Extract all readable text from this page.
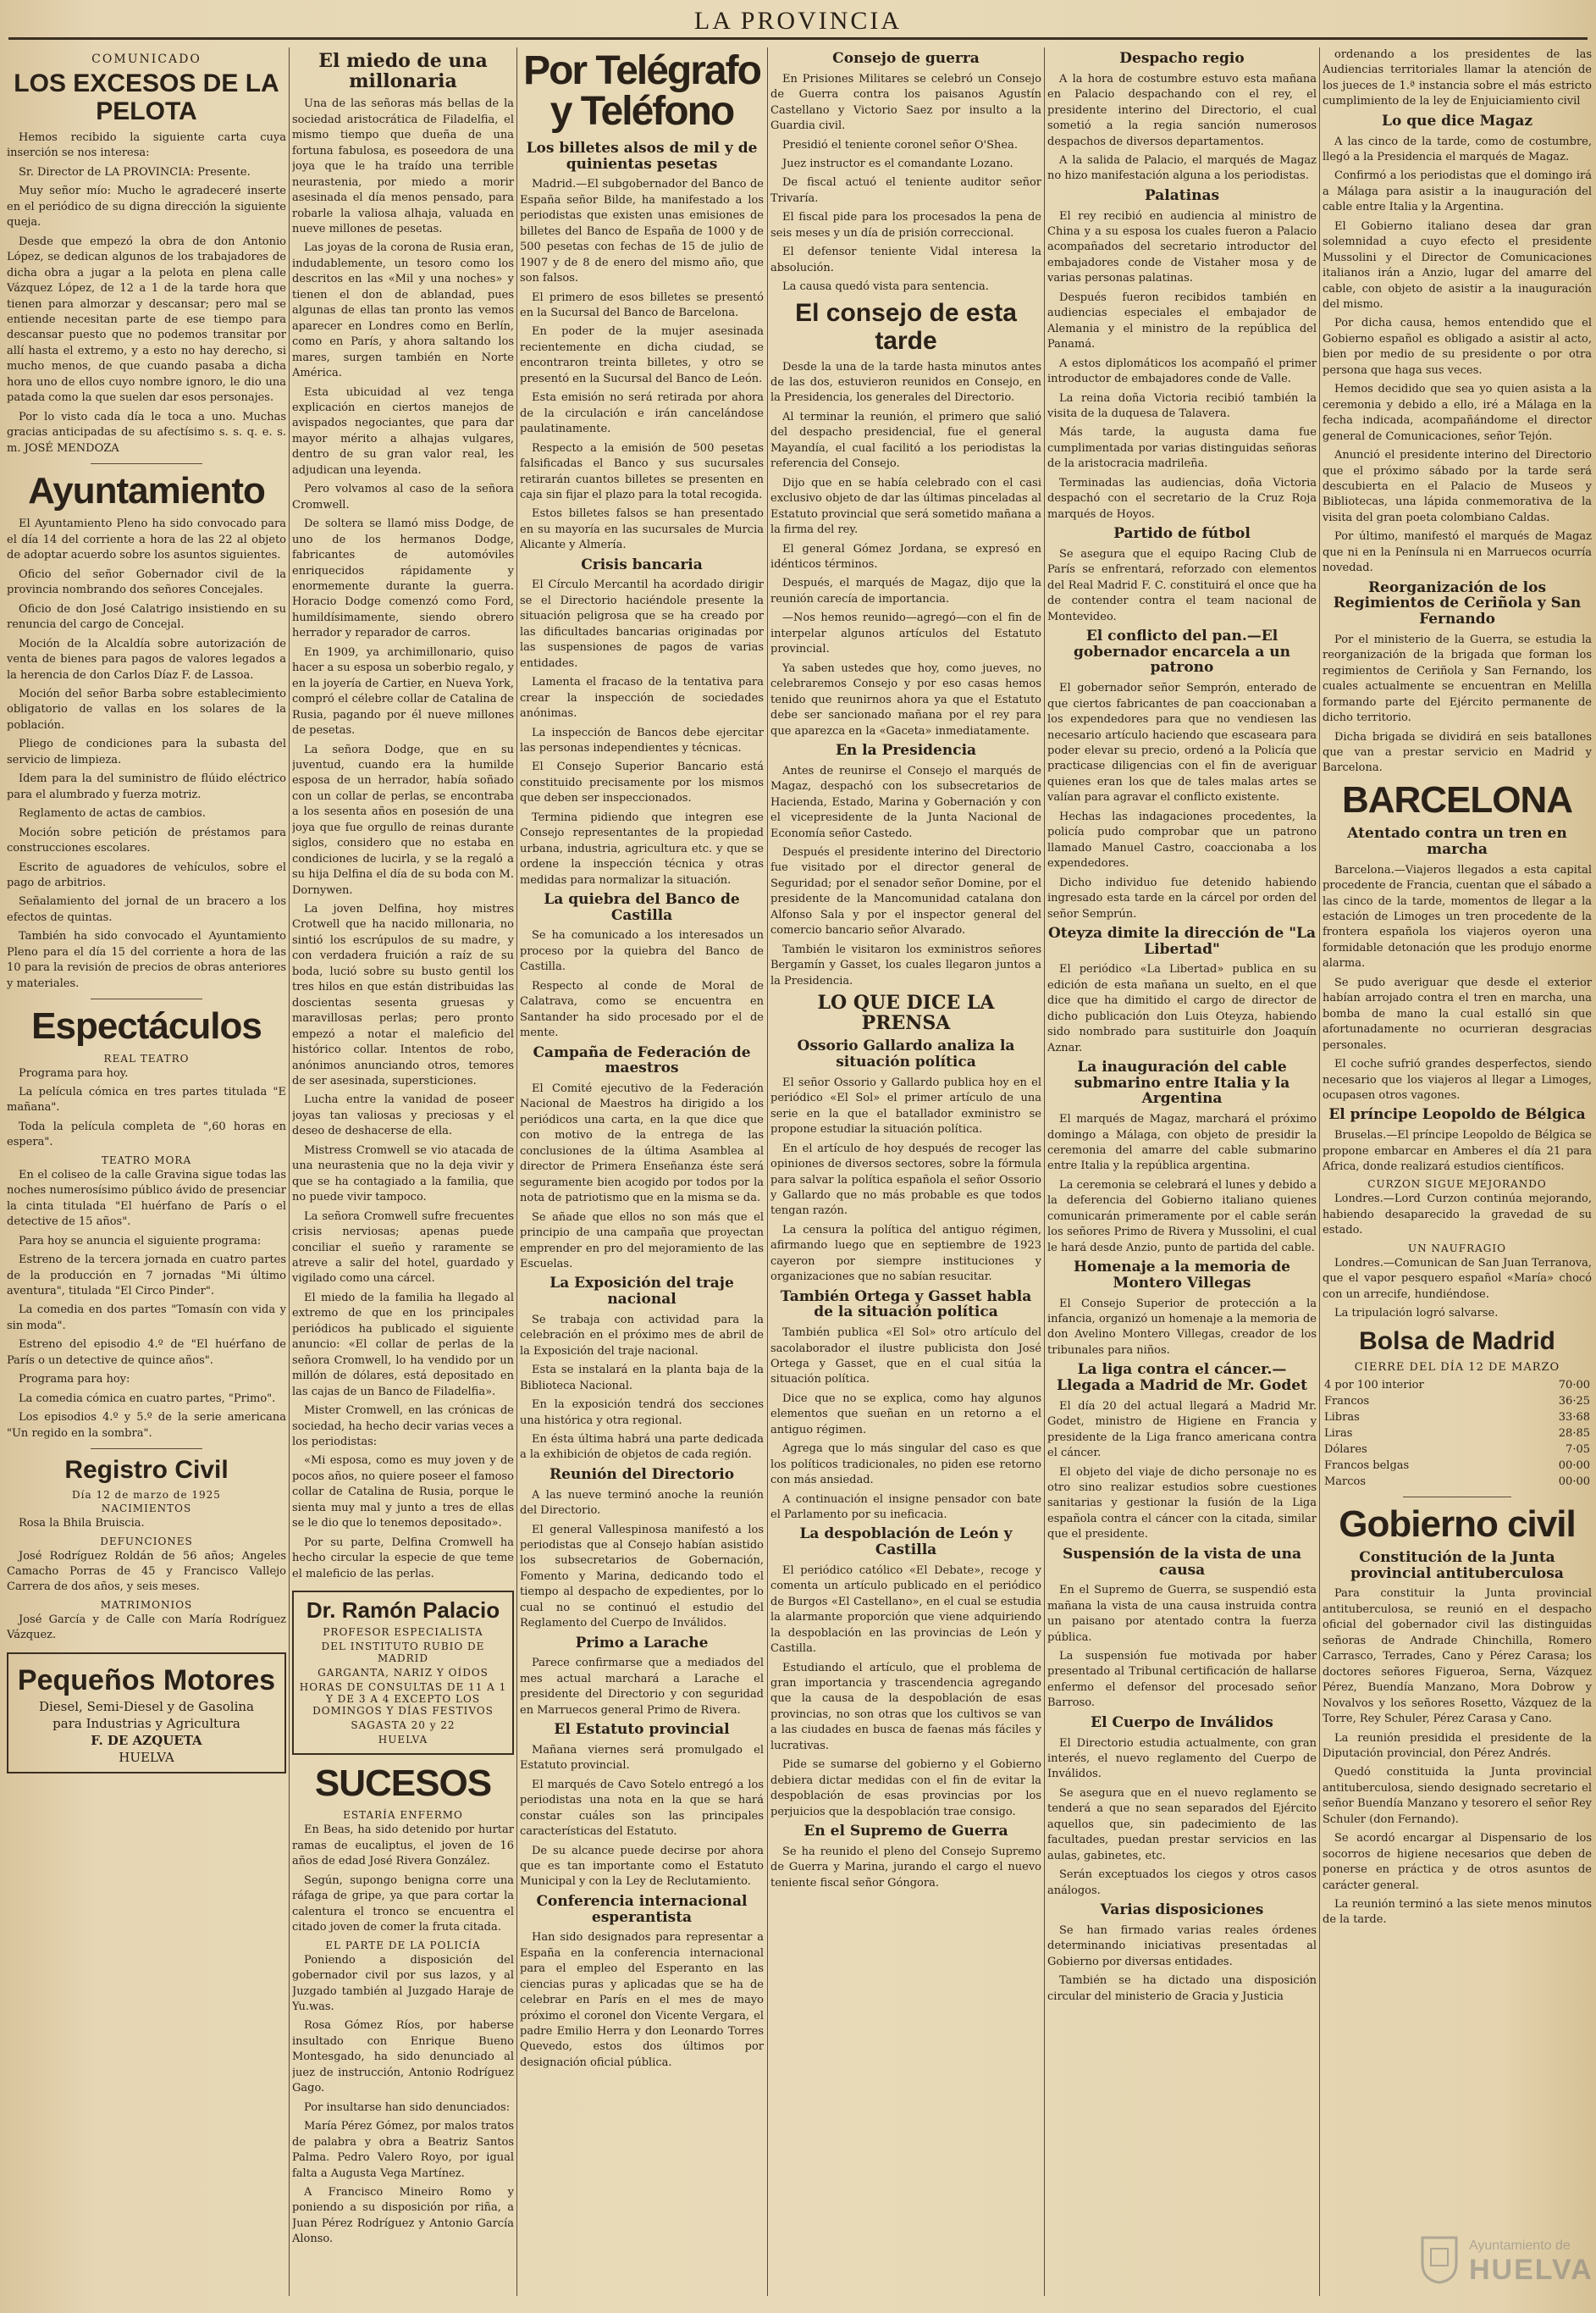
LA PROVINCIA
COMUNICADO
LOS EXCESOS DE LA PELOTA

Hemos recibido la siguiente carta cuya inserción se nos interesa:

Sr. Director de LA PROVINCIA: Presente.

Muy señor mío: Mucho le agradeceré inserte en el periódico de su digna dirección la siguiente queja.

Desde que empezó la obra de don Antonio López, se dedican algunos de los trabajadores de dicha obra a jugar a la pelota en plena calle Vázquez López, de 12 a 1 de la tarde hora que tienen para almorzar y descansar; pero mal se entiende necesitan parte de ese tiempo para descansar puesto que no podemos transitar por allí hasta el extremo, y a esto no hay derecho, si mucho menos, de que cuando pasaba a dicha hora uno de ellos cuyo nombre ignoro, le dio una patada como la que suelen dar esos personajes.

Por lo visto cada día le toca a uno. Muchas gracias anticipadas de su afectísimo s. s. q. e. s. m. JOSÉ MENDOZA

Ayuntamiento

El Ayuntamiento Pleno ha sido convocado para el día 14 del corriente a hora de las 22 al objeto de adoptar acuerdo sobre los asuntos siguientes.

Oficio del señor Gobernador civil de la provincia nombrando dos señores Concejales.

Oficio de don José Calatrigo insistiendo en su renuncia del cargo de Concejal.

Moción de la Alcaldía sobre autorización de venta de bienes para pagos de valores legados a la herencia de don Carlos Díaz F. de Lassoa.

Moción del señor Barba sobre establecimiento obligatorio de vallas en los solares de la población.

Pliego de condiciones para la subasta del servicio de limpieza.

Idem para la del suministro de flúido eléctrico para el alumbrado y fuerza motriz.

Reglamento de actas de cambios.

Moción sobre petición de préstamos para construcciones escolares.

Escrito de aguadores de vehículos, sobre el pago de arbitrios.

Señalamiento del jornal de un bracero a los efectos de quintas.

También ha sido convocado el Ayuntamiento Pleno para el día 15 del corriente a hora de las 10 para la revisión de precios de obras anteriores y materiales.

Espectáculos
REAL TEATRO

Programa para hoy.

La película cómica en tres partes titulada "E mañana".

Toda la película completa de ",60 horas en espera".

TEATRO MORA

En el coliseo de la calle Gravina sigue todas las noches numerosísimo público ávido de presenciar la cinta titulada "El huérfano de París o el detective de 15 años".

Para hoy se anuncia el siguiente programa:

Estreno de la tercera jornada en cuatro partes de la producción en 7 jornadas "Mi último aventura", titulada "El Circo Pinder".

La comedia en dos partes "Tomasín con vida y sin moda".

Estreno del episodio 4.º de "El huérfano de París o un detective de quince años".

Programa para hoy:

La comedia cómica en cuatro partes, "Primo".

Los episodios 4.º y 5.º de la serie americana "Un regido en la sombra".

Registro Civil
Día 12 de marzo de 1925
NACIMIENTOS

Rosa la Bhila Bruiscia.

DEFUNCIONES

José Rodríguez Roldán de 56 años; Angeles Camacho Porras de 45 y Francisco Vallejo Carrera de dos años, y seis meses.

MATRIMONIOS

José García y de Calle con María Rodríguez Vázquez.

Pequeños Motores
Diesel, Semi-Diesel y de Gasolina
para Industrias y Agricultura
F. DE AZQUETA
HUELVA
El miedo de una millonaria

Una de las señoras más bellas de la sociedad aristocrática de Filadelfia, el mismo tiempo que dueña de una fortuna fabulosa, es poseedora de una joya que le ha traído una terrible neurastenia, por miedo a morir asesinada el día menos pensado, para robarle la valiosa alhaja, valuada en nueve millones de pesetas.

Las joyas de la corona de Rusia eran, indudablemente, un tesoro como los descritos en las «Mil y una noches» y tienen el don de ablandad, pues algunas de ellas tan pronto las vemos aparecer en Londres como en Berlín, como en París, y ahora saltando los mares, surgen también en Norte América.

Esta ubicuidad al vez tenga explicación en ciertos manejos de avispados negociantes, que para dar mayor mérito a alhajas vulgares, dentro de su gran valor real, les adjudican una leyenda.

Pero volvamos al caso de la señora Cromwell.

De soltera se llamó miss Dodge, de uno de los hermanos Dodge, fabricantes de automóviles enriquecidos rápidamente y enormemente durante la guerra. Horacio Dodge comenzó como Ford, humildísimamente, siendo obrero herrador y reparador de carros.

En 1909, ya archimillonario, quiso hacer a su esposa un soberbio regalo, y en la joyería de Cartier, en Nueva York, compró el célebre collar de Catalina de Rusia, pagando por él nueve millones de pesetas.

La señora Dodge, que en su juventud, cuando era la humilde esposa de un herrador, había soñado con un collar de perlas, se encontraba a los sesenta años en posesión de una joya que fue orgullo de reinas durante siglos, considero que no estaba en condiciones de lucirla, y se la regaló a su hija Delfina el día de su boda con M. Dornywen.

La joven Delfina, hoy mistres Crotwell que ha nacido millonaria, no sintió los escrúpulos de su madre, y con verdadera fruición a raíz de su boda, lució sobre su busto gentil los tres hilos en que están distribuidas las doscientas sesenta gruesas y maravillosas perlas; pero pronto empezó a notar el maleficio del histórico collar. Intentos de robo, anónimos anunciando otros, temores de ser asesinada, supersticiones.

Lucha entre la vanidad de poseer joyas tan valiosas y preciosas y el deseo de deshacerse de ella.

Mistress Cromwell se vio atacada de una neurastenia que no la deja vivir y que se ha contagiado a la familia, que no puede vivir tampoco.

La señora Cromwell sufre frecuentes crisis nerviosas; apenas puede conciliar el sueño y raramente se atreve a salir del hotel, guardado y vigilado como una cárcel.

El miedo de la familia ha llegado al extremo de que en los principales periódicos ha publicado el siguiente anuncio: «El collar de perlas de la señora Cromwell, lo ha vendido por un millón de dólares, está depositado en las cajas de un Banco de Filadelfia».

Mister Cromwell, en las crónicas de sociedad, ha hecho decir varias veces a los periodistas:

«Mi esposa, como es muy joven y de pocos años, no quiere poseer el famoso collar de Catalina de Rusia, porque le sienta muy mal y junto a tres de ellas se le dio que lo tenemos depositado».

Por su parte, Delfina Cromwell ha hecho circular la especie de que teme el maleficio de las perlas.

Dr. Ramón Palacio
PROFESOR ESPECIALISTA
DEL INSTITUTO RUBIO DE MADRID
GARGANTA, NARIZ Y OÍDOS
HORAS DE CONSULTAS DE 11 A 1 Y DE 3 A 4 EXCEPTO LOS DOMINGOS Y DÍAS FESTIVOS
SAGASTA 20 y 22
HUELVA
SUCESOS
ESTARÍA ENFERMO

En Beas, ha sido detenido por hurtar ramas de eucaliptus, el joven de 16 años de edad José Rivera González.

Según, supongo benigna corre una ráfaga de gripe, ya que para cortar la calentura el tronco se encuentra el citado joven de comer la fruta citada.

EL PARTE DE LA POLICÍA

Poniendo a disposición del gobernador civil por sus lazos, y al Juzgado también al Juzgado Haraje de Yu.was.

Rosa Gómez Ríos, por haberse insultado con Enrique Bueno Montesgado, ha sido denunciado al juez de instrucción, Antonio Rodríguez Gago.

Por insultarse han sido denunciados:

María Pérez Gómez, por malos tratos de palabra y obra a Beatriz Santos Palma. Pedro Valero Royo, por igual falta a Augusta Vega Martínez.

A Francisco Mineiro Romo y poniendo a su disposición por riña, a Juan Pérez Rodríguez y Antonio García Alonso.

Por Telégrafo y Teléfono
Los billetes alsos de mil y de quinientas pesetas

Madrid.—El subgobernador del Banco de España señor Bilde, ha manifestado a los periodistas que existen unas emisiones de billetes del Banco de España de 1000 y de 500 pesetas con fechas de 15 de julio de 1907 y de 8 de enero del mismo año, que son falsos.

El primero de esos billetes se presentó en la Sucursal del Banco de Barcelona.

En poder de la mujer asesinada recientemente en dicha ciudad, se encontraron treinta billetes, y otro se presentó en la Sucursal del Banco de León.

Esta emisión no será retirada por ahora de la circulación e irán cancelándose paulatinamente.

Respecto a la emisión de 500 pesetas falsificadas el Banco y sus sucursales retirarán cuantos billetes se presenten en caja sin fijar el plazo para la total recogida.

Estos billetes falsos se han presentado en su mayoría en las sucursales de Murcia Alicante y Almería.

Crisis bancaria

El Círculo Mercantil ha acordado dirigir se el Directorio haciéndole presente la situación peligrosa que se ha creado por las dificultades bancarias originadas por las suspensiones de pagos de varias entidades.

Lamenta el fracaso de la tentativa para crear la inspección de sociedades anónimas.

La inspección de Bancos debe ejercitar las personas independientes y técnicas.

El Consejo Superior Bancario está constituido precisamente por los mismos que deben ser inspeccionados.

Termina pidiendo que integren ese Consejo representantes de la propiedad urbana, industria, agricultura etc. y que se ordene la inspección técnica y otras medidas para normalizar la situación.

La quiebra del Banco de Castilla

Se ha comunicado a los interesados un proceso por la quiebra del Banco de Castilla.

Respecto al conde de Moral de Calatrava, como se encuentra en Santander ha sido procesado por el de mente.

Campaña de Federación de maestros

El Comité ejecutivo de la Federación Nacional de Maestros ha dirigido a los periódicos una carta, en la que dice que con motivo de la entrega de las conclusiones de la última Asamblea al director de Primera Enseñanza éste será seguramente bien acogido por todos por la nota de patriotismo que en la misma se da.

Se añade que ellos no son más que el principio de una campaña que proyectan emprender en pro del mejoramiento de las Escuelas.

La Exposición del traje nacional

Se trabaja con actividad para la celebración en el próximo mes de abril de la Exposición del traje nacional.

Esta se instalará en la planta baja de la Biblioteca Nacional.

En la exposición tendrá dos secciones una histórica y otra regional.

En ésta última habrá una parte dedicada a la exhibición de objetos de cada región.

Reunión del Directorio

A las nueve terminó anoche la reunión del Directorio.

El general Vallespinosa manifestó a los periodistas que al Consejo habían asistido los subsecretarios de Gobernación, Fomento y Marina, dedicando todo el tiempo al despacho de expedientes, por lo cual no se continuó el estudio del Reglamento del Cuerpo de Inválidos.

Primo a Larache

Parece confirmarse que a mediados del mes actual marchará a Larache el presidente del Directorio y con seguridad en Marruecos general Primo de Rivera.

El Estatuto provincial

Mañana viernes será promulgado el Estatuto provincial.

El marqués de Cavo Sotelo entregó a los periodistas una nota en la que se hará constar cuáles son las principales características del Estatuto.

De su alcance puede decirse por ahora que es tan importante como el Estatuto Municipal y con la Ley de Reclutamiento.

Conferencia internacional esperantista

Han sido designados para representar a España en la conferencia internacional para el empleo del Esperanto en las ciencias puras y aplicadas que se ha de celebrar en París en el mes de mayo próximo el coronel don Vicente Vergara, el padre Emilio Herra y don Leonardo Torres Quevedo, estos dos últimos por designación oficial pública.

Consejo de guerra

En Prisiones Militares se celebró un Consejo de Guerra contra los paisanos Agustín Castellano y Victorio Saez por insulto a la Guardia civil.

Presidió el teniente coronel señor O'Shea.

Juez instructor es el comandante Lozano.

De fiscal actuó el teniente auditor señor Trivaría.

El fiscal pide para los procesados la pena de seis meses y un día de prisión correccional.

El defensor teniente Vidal interesa la absolución.

La causa quedó vista para sentencia.

El consejo de esta tarde

Desde la una de la tarde hasta minutos antes de las dos, estuvieron reunidos en Consejo, en la Presidencia, los generales del Directorio.

Al terminar la reunión, el primero que salió del despacho presidencial, fue el general Mayandía, el cual facilitó a los periodistas la referencia del Consejo.

Dijo que en se había celebrado con el casi exclusivo objeto de dar las últimas pinceladas al Estatuto provincial que será sometido mañana a la firma del rey.

El general Gómez Jordana, se expresó en idénticos términos.

Después, el marqués de Magaz, dijo que la reunión carecía de importancia.

—Nos hemos reunido—agregó—con el fin de interpelar algunos artículos del Estatuto provincial.

Ya saben ustedes que hoy, como jueves, no celebraremos Consejo y por eso casas hemos tenido que reunirnos ahora ya que el Estatuto debe ser sancionado mañana por el rey para que aparezca en la «Gaceta» inmediatamente.

En la Presidencia

Antes de reunirse el Consejo el marqués de Magaz, despachó con los subsecretarios de Hacienda, Estado, Marina y Gobernación y con el vicepresidente de la Junta Nacional de Economía señor Castedo.

Después el presidente interino del Directorio fue visitado por el director general de Seguridad; por el senador señor Domine, por el presidente de la Mancomunidad catalana don Alfonso Sala y por el inspector general del comercio bancario señor Alvarado.

También le visitaron los exministros señores Bergamín y Gasset, los cuales llegaron juntos a la Presidencia.

LO QUE DICE LA PRENSA
Ossorio Gallardo analiza la situación política

El señor Ossorio y Gallardo publica hoy en el periódico «El Sol» el primer artículo de una serie en la que el batallador exministro se propone estudiar la situación política.

En el artículo de hoy después de recoger las opiniones de diversos sectores, sobre la fórmula para salvar la política española el señor Ossorio y Gallardo que no más probable es que todos tengan razón.

La censura la política del antiguo régimen, afirmando luego que en septiembre de 1923 cayeron por siempre instituciones y organizaciones que no sabían resucitar.

También Ortega y Gasset habla de la situación política

También publica «El Sol» otro artículo del sacolaborador el ilustre publicista don José Ortega y Gasset, que en el cual sitúa la situación política.

Dice que no se explica, como hay algunos elementos que sueñan en un retorno a el antiguo régimen.

Agrega que lo más singular del caso es que los políticos tradicionales, no piden ese retorno con más ansiedad.

A continuación el insigne pensador con bate el Parlamento por su ineficacia.

La despoblación de León y Castilla

El periódico católico «El Debate», recoge y comenta un artículo publicado en el periódico de Burgos «El Castellano», en el cual se estudia la alarmante proporción que viene adquiriendo la despoblación en las provincias de León y Castilla.

Estudiando el artículo, que el problema de gran importancia y trascendencia agregando que la causa de la despoblación de esas provincias, no son otras que los cultivos se van a las ciudades en busca de faenas más fáciles y lucrativas.

Pide se sumarse del gobierno y el Gobierno debiera dictar medidas con el fin de evitar la despoblación de esas provincias por los perjuicios que la despoblación trae consigo.

En el Supremo de Guerra

Se ha reunido el pleno del Consejo Supremo de Guerra y Marina, jurando el cargo el nuevo teniente fiscal señor Góngora.

Despacho regio

A la hora de costumbre estuvo esta mañana en Palacio despachando con el rey, el presidente interino del Directorio, el cual sometió a la regia sanción numerosos despachos de diversos departamentos.

A la salida de Palacio, el marqués de Magaz no hizo manifestación alguna a los periodistas.

Palatinas

El rey recibió en audiencia al ministro de China y a su esposa los cuales fueron a Palacio acompañados del secretario introductor del embajadores conde de Vistaher mosa y de varias personas palatinas.

Después fueron recibidos también en audiencias especiales el embajador de Alemania y el ministro de la república del Panamá.

A estos diplomáticos los acompañó el primer introductor de embajadores conde de Valle.

La reina doña Victoria recibió también la visita de la duquesa de Talavera.

Más tarde, la augusta dama fue cumplimentada por varias distinguidas señoras de la aristocracia madrileña.

Terminadas las audiencias, doña Victoria despachó con el secretario de la Cruz Roja marqués de Hoyos.

Partido de fútbol

Se asegura que el equipo Racing Club de París se enfrentará, reforzado con elementos del Real Madrid F. C. constituirá el once que ha de contender contra el team nacional de Montevideo.

El conflicto del pan.—El gobernador encarcela a un patrono

El gobernador señor Semprón, enterado de que ciertos fabricantes de pan coaccionaban a los expendedores para que no vendiesen las necesario artículo haciendo que escaseara para poder elevar su precio, ordenó a la Policía que practicase diligencias con el fin de averiguar quienes eran los que de tales malas artes se valían para agravar el conflicto existente.

Hechas las indagaciones procedentes, la policía pudo comprobar que un patrono llamado Manuel Castro, coaccionaba a los expendedores.

Dicho individuo fue detenido habiendo ingresado esta tarde en la cárcel por orden del señor Semprún.

Oteyza dimite la dirección de "La Libertad"

El periódico «La Libertad» publica en su edición de esta mañana un suelto, en el que dice que ha dimitido el cargo de director de dicho publicación don Luis Oteyza, habiendo sido nombrado para sustituirle don Joaquín Aznar.

La inauguración del cable submarino entre Italia y la Argentina

El marqués de Magaz, marchará el próximo domingo a Málaga, con objeto de presidir la ceremonia del amarre del cable submarino entre Italia y la república argentina.

La ceremonia se celebrará el lunes y debido a la deferencia del Gobierno italiano quienes comunicarán primeramente por el cable serán los señores Primo de Rivera y Mussolini, el cual le hará desde Anzio, punto de partida del cable.

Homenaje a la memoria de Montero Villegas

El Consejo Superior de protección a la infancia, organizó un homenaje a la memoria de don Avelino Montero Villegas, creador de los tribunales para niños.

La liga contra el cáncer.—Llegada a Madrid de Mr. Godet

El día 20 del actual llegará a Madrid Mr. Godet, ministro de Higiene en Francia y presidente de la Liga franco americana contra el cáncer.

El objeto del viaje de dicho personaje no es otro sino realizar estudios sobre cuestiones sanitarias y gestionar la fusión de la Liga española contra el cáncer con la citada, similar que el presidente.

Suspensión de la vista de una causa

En el Supremo de Guerra, se suspendió esta mañana la vista de una causa instruida contra un paisano por atentado contra la fuerza pública.

La suspensión fue motivada por haber presentado al Tribunal certificación de hallarse enfermo el defensor del procesado señor Barroso.

El Cuerpo de Inválidos

El Directorio estudia actualmente, con gran interés, el nuevo reglamento del Cuerpo de Inválidos.

Se asegura que en el nuevo reglamento se tenderá a que no sean separados del Ejército aquellos que, sin padecimiento de las facultades, puedan prestar servicios en las aulas, gabinetes, etc.

Serán exceptuados los ciegos y otros casos análogos.

Varias disposiciones

Se han firmado varias reales órdenes determinando iniciativas presentadas al Gobierno por diversas entidades.

También se ha dictado una disposición circular del ministerio de Gracia y Justicia

ordenando a los presidentes de las Audiencias territoriales llamar la atención de los jueces de 1.ª instancia sobre el más estricto cumplimiento de la ley de Enjuiciamiento civil

Lo que dice Magaz

A las cinco de la tarde, como de costumbre, llegó a la Presidencia el marqués de Magaz.

Confirmó a los periodistas que el domingo irá a Málaga para asistir a la inauguración del cable entre Italia y la Argentina.

El Gobierno italiano desea dar gran solemnidad a cuyo efecto el presidente Mussolini y el Director de Comunicaciones italianos irán a Anzio, lugar del amarre del cable, con objeto de asistir a la inauguración del mismo.

Por dicha causa, hemos entendido que el Gobierno español es obligado a asistir al acto, bien por medio de su presidente o por otra persona que haga sus veces.

Hemos decidido que sea yo quien asista a la ceremonia y debido a ello, iré a Málaga en la fecha indicada, acompañándome el director general de Comunicaciones, señor Tejón.

Anunció el presidente interino del Directorio que el próximo sábado por la tarde será descubierta en el Palacio de Museos y Bibliotecas, una lápida conmemorativa de la visita del gran poeta colombiano Caldas.

Por último, manifestó el marqués de Magaz que ni en la Península ni en Marruecos ocurría novedad.

Reorganización de los Regimientos de Ceriñola y San Fernando

Por el ministerio de la Guerra, se estudia la reorganización de la brigada que forman los regimientos de Ceriñola y San Fernando, los cuales actualmente se encuentran en Melilla formando parte del Ejército permanente de dicho territorio.

Dicha brigada se dividirá en seis batallones que van a prestar servicio en Madrid y Barcelona.

BARCELONA
Atentado contra un tren en marcha

Barcelona.—Viajeros llegados a esta capital procedente de Francia, cuentan que el sábado a las cinco de la tarde, momentos de llegar a la estación de Limoges un tren procedente de la frontera española los viajeros oyeron una formidable detonación que les produjo enorme alarma.

Se pudo averiguar que desde el exterior habían arrojado contra el tren en marcha, una bomba de mano la cual estalló sin que afortunadamente no ocurrieran desgracias personales.

El coche sufrió grandes desperfectos, siendo necesario que los viajeros al llegar a Limoges, ocupasen otros vagones.

El príncipe Leopoldo de Bélgica

Bruselas.—El príncipe Leopoldo de Bélgica se propone embarcar en Amberes el día 21 para Africa, donde realizará estudios científicos.

CURZON SIGUE MEJORANDO

Londres.—Lord Curzon continúa mejorando, habiendo desaparecido la gravedad de su estado.

UN NAUFRAGIO

Londres.—Comunican de San Juan Terranova, que el vapor pesquero español «María» chocó con un arrecife, hundiéndose.

La tripulación logró salvarse.

Bolsa de Madrid
CIERRE DEL DÍA 12 DE MARZO
4 por 100 interior	70·00
Francos	36·25
Libras	33·68
Liras	28·85
Dólares	7·05
Francos belgas	00·00
Marcos	00·00
Gobierno civil
Constitución de la Junta provincial antituberculosa

Para constituir la Junta provincial antituberculosa, se reunió en el despacho oficial del gobernador civil las distinguidas señoras de Andrade Chinchilla, Romero Carrasco, Terrades, Cano y Pérez Carasa; los doctores señores Figueroa, Serna, Vázquez Pérez, Buendía Manzano, Mora Dobrow y Novalvos y los señores Rosetto, Vázquez de la Torre, Rey Schuler, Pérez Carasa y Cano.

La reunión presidida el presidente de la Diputación provincial, don Pérez Andrés.

Quedó constituida la Junta provincial antituberculosa, siendo designado secretario el señor Buendía Manzano y tesorero el señor Rey Schuler (don Fernando).

Se acordó encargar al Dispensario de los socorros de higiene necesarios que deben de ponerse en práctica y de otros asuntos de carácter general.

La reunión terminó a las siete menos minutos de la tarde.

Ayuntamiento de
HUELVA
